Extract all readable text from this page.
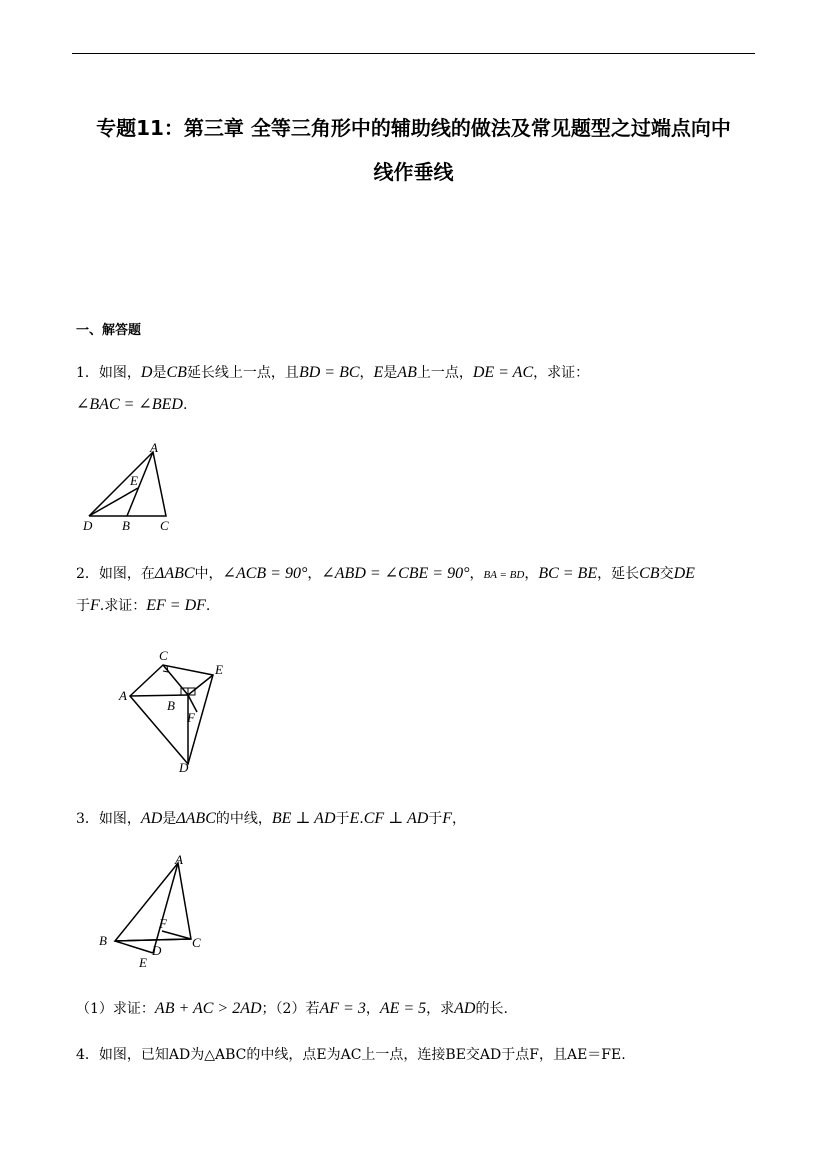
专题11：第三章 全等三角形中的辅助线的做法及常见题型之过端点向中
线作垂线
一、解答题
1．如图，D是CB延长线上一点，且BD = BC，E是AB上一点，DE = AC，求证：
∠BAC = ∠BED.
A
E
D B C
2．如图，在ΔABC中，∠ACB = 90°，∠ABD = ∠CBE = 90°，BA = BD，BC = BE，延长CB交DE
于F.求证：EF = DF.
C
E
A
B
F
D
3．如图，AD是ΔABC的中线，BE ⊥ AD于E.CF ⊥ AD于F，
A
F
B	C
D
E
（1）求证：AB + AC > 2AD；（2）若AF = 3，AE = 5，求AD的长.
4．如图，已知AD为△ABC的中线，点E为AC上一点，连接BE交AD于点F，且AE＝FE.
